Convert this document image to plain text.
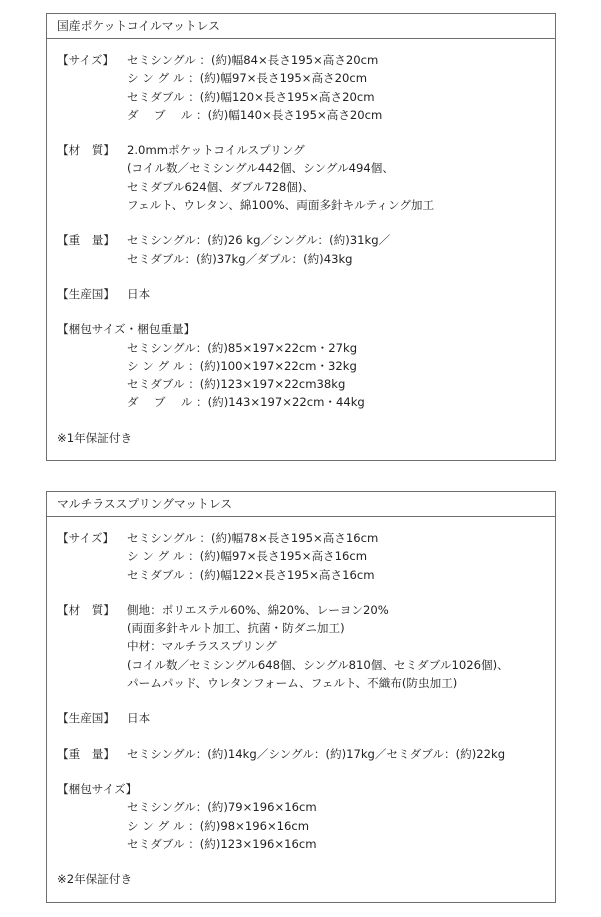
国産ポケットコイルマットレス
【サイズ】	セミシングル ：(約)幅84×長さ195×高さ20cm
シ ン グ ル ：(約)幅97×長さ195×高さ20cm
セミダブル ：(約)幅120×長さ195×高さ20cm
ダ　 ブ　 ル ：(約)幅140×長さ195×高さ20cm
【材　質】	2.0mmポケットコイルスプリング
(コイル数／セミシングル442個、シングル494個、
セミダブル624個、ダブル728個)、
フェルト、ウレタン、綿100%、両面多針キルティング加工
【重　量】	セミシングル：(約)26 kg／シングル：(約)31kg／
セミダブル：(約)37kg／ダブル：(約)43kg
【生産国】	日本
【梱包サイズ・梱包重量】
セミシングル：(約)85×197×22cm・27kg
シ ン グ ル ：(約)100×197×22cm・32kg
セミダブル ：(約)123×197×22cm38kg
ダ　 ブ　 ル ：(約)143×197×22cm・44kg
※1年保証付き
マルチラススプリングマットレス
【サイズ】	セミシングル ：(約)幅78×長さ195×高さ16cm
シ ン グ ル ：(約)幅97×長さ195×高さ16cm
セミダブル ：(約)幅122×長さ195×高さ16cm
【材　質】	側地：ポリエステル60%、綿20%、レーヨン20%
(両面多針キルト加工、抗菌・防ダニ加工)
中材：マルチラススプリング
(コイル数／セミシングル648個、シングル810個、セミダブル1026個)、
パームパッド、ウレタンフォーム、フェルト、不織布(防虫加工)
【生産国】	日本
【重　量】	セミシングル：(約)14kg／シングル：(約)17kg／セミダブル：(約)22kg
【梱包サイズ】
セミシングル：(約)79×196×16cm
シ ン グ ル ：(約)98×196×16cm
セミダブル ：(約)123×196×16cm
※2年保証付き
